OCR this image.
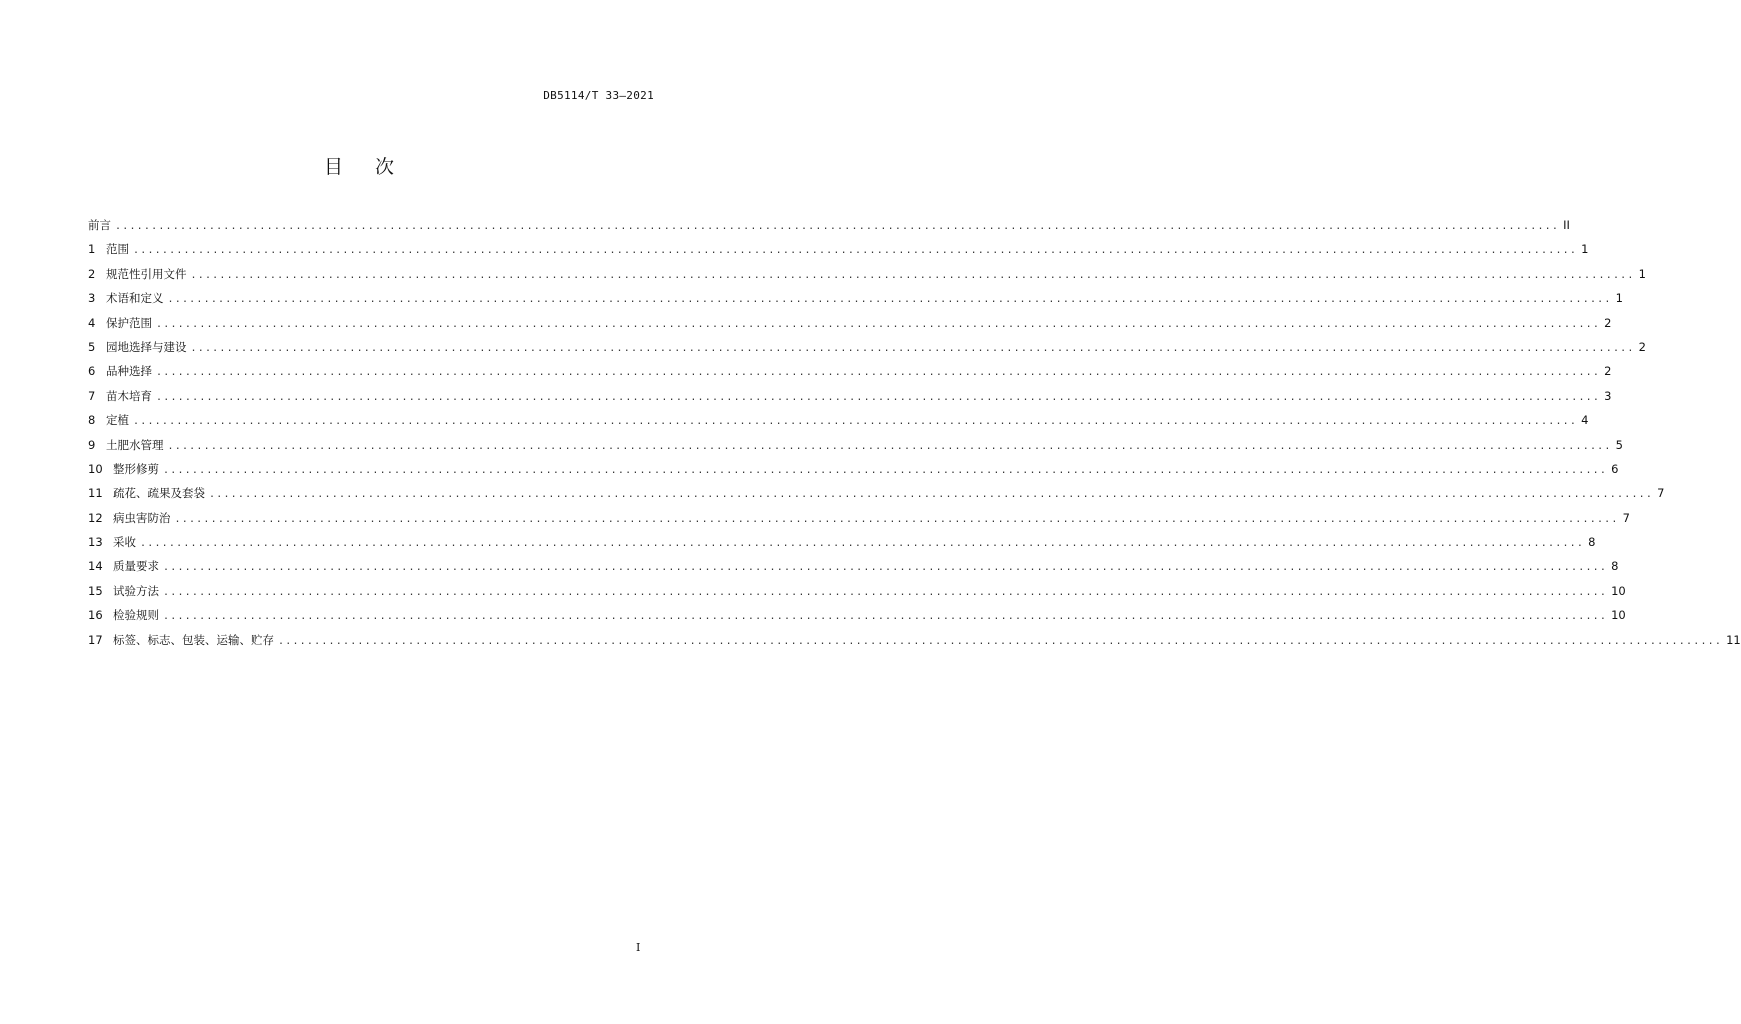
DB5114/T 33—2021
目次
前言 ........................................................................................................................................................................................................ II
1 范围 ........................................................................................................................................................................................................ 1
2 规范性引用文件 ........................................................................................................................................................................................................ 1
3 术语和定义 ........................................................................................................................................................................................................ 1
4 保护范围 ........................................................................................................................................................................................................ 2
5 园地选择与建设 ........................................................................................................................................................................................................ 2
6 品种选择 ........................................................................................................................................................................................................ 2
7 苗木培育 ........................................................................................................................................................................................................ 3
8 定植 ........................................................................................................................................................................................................ 4
9 土肥水管理 ........................................................................................................................................................................................................ 5
10 整形修剪 ........................................................................................................................................................................................................ 6
11 疏花、疏果及套袋 ........................................................................................................................................................................................................ 7
12 病虫害防治 ........................................................................................................................................................................................................ 7
13 采收 ........................................................................................................................................................................................................ 8
14 质量要求 ........................................................................................................................................................................................................ 8
15 试验方法 ........................................................................................................................................................................................................ 10
16 检验规则 ........................................................................................................................................................................................................ 10
17 标签、标志、包装、运输、贮存 ........................................................................................................................................................................................................ 11
I
